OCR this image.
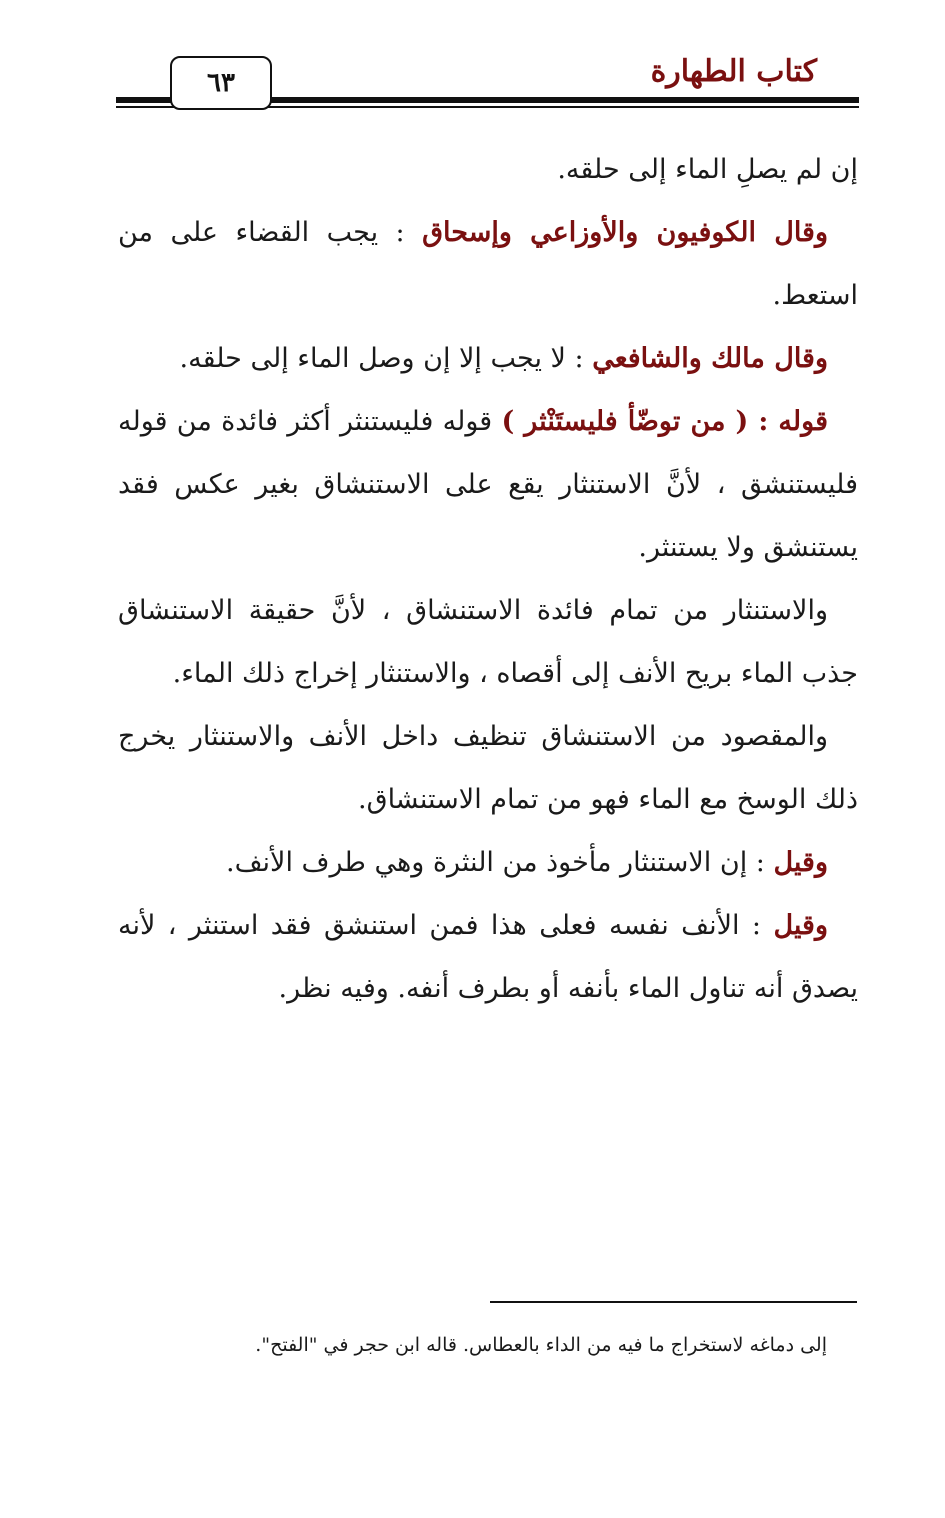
كتاب الطهارة
٦٣

إن لم يصلِ الماء إلى حلقه.

وقال الكوفيون والأوزاعي وإسحاق : يجب القضاء على من استعط.

وقال مالك والشافعي : لا يجب إلا إن وصل الماء إلى حلقه.

قوله : ( من توضّأ فليستَنْثر ) قوله فليستنثر أكثر فائدة من قوله فليستنشق ، لأنَّ الاستنثار يقع على الاستنشاق بغير عكس فقد يستنشق ولا يستنثر.

والاستنثار من تمام فائدة الاستنشاق ، لأنَّ حقيقة الاستنشاق جذب الماء بريح الأنف إلى أقصاه ، والاستنثار إخراج ذلك الماء.

والمقصود من الاستنشاق تنظيف داخل الأنف والاستنثار يخرج ذلك الوسخ مع الماء فهو من تمام الاستنشاق.

وقيل : إن الاستنثار مأخوذ من النثرة وهي طرف الأنف.

وقيل : الأنف نفسه فعلى هذا فمن استنشق فقد استنثر ، لأنه يصدق أنه تناول الماء بأنفه أو بطرف أنفه. وفيه نظر.

إلى دماغه لاستخراج ما فيه من الداء بالعطاس. قاله ابن حجر في "الفتح".
